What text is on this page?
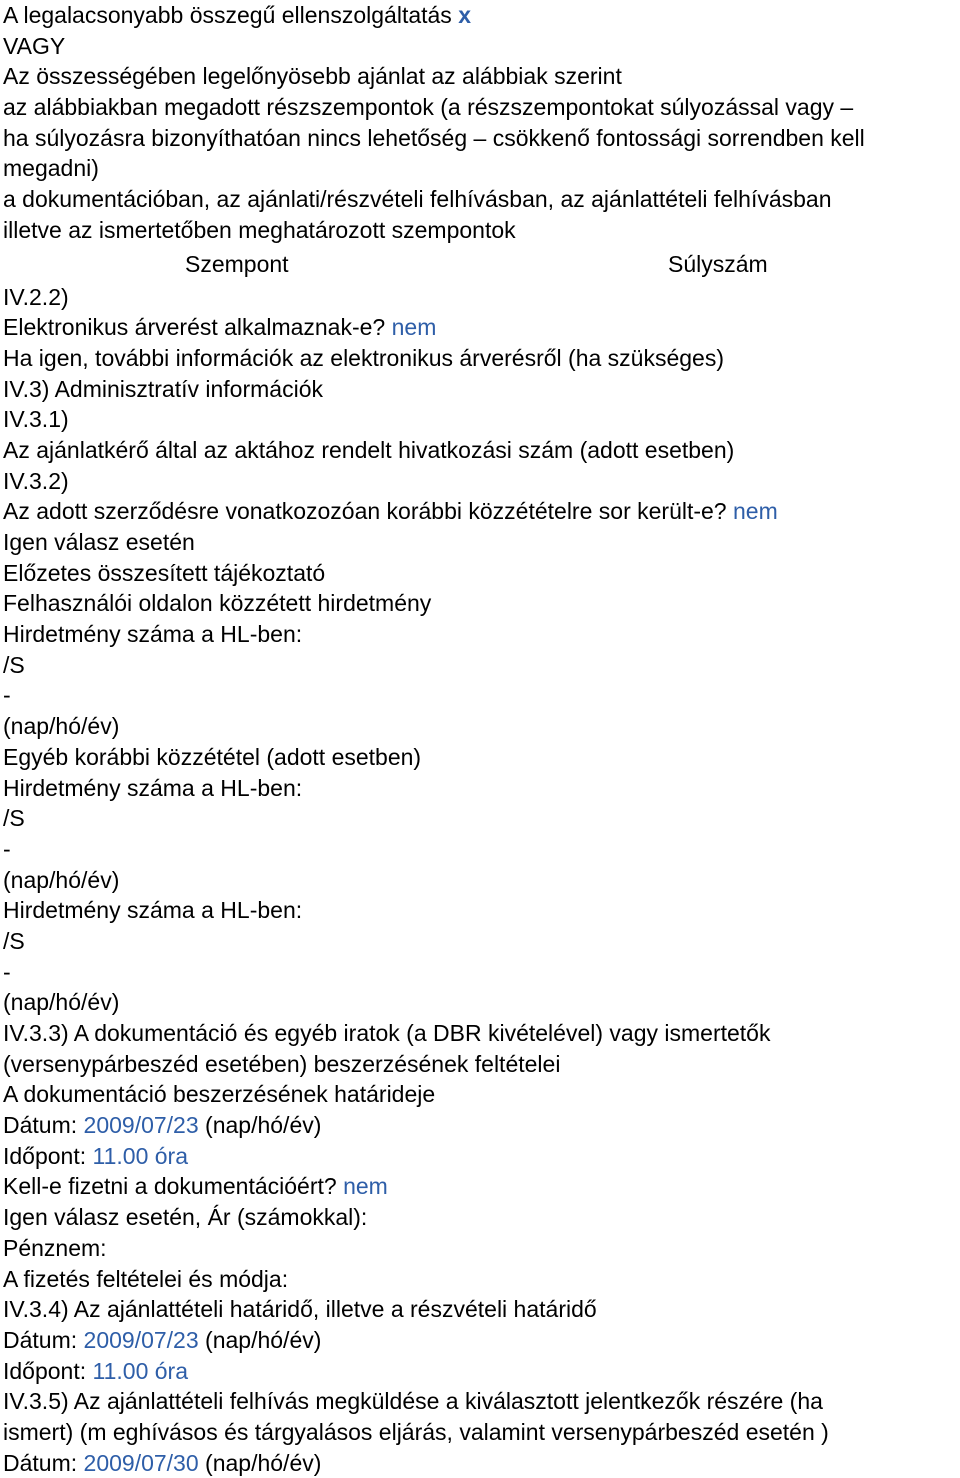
A legalacsonyabb összegű ellenszolgáltatás x
VAGY
Az összességében legelőnyösebb ajánlat az alábbiak szerint
az alábbiakban megadott részszempontok (a részszempontokat súlyozással vagy –
ha súlyozásra bizonyíthatóan nincs lehetőség – csökkenő fontossági sorrendben kell
megadni)
a dokumentációban, az ajánlati/részvételi felhívásban, az ajánlattételi felhívásban
illetve az ismertetőben meghatározott szempontok
Szempont	Súlyszám
IV.2.2)
Elektronikus árverést alkalmaznak-e? nem
Ha igen, további információk az elektronikus árverésről (ha szükséges)
IV.3) Adminisztratív információk
IV.3.1)
Az ajánlatkérő által az aktához rendelt hivatkozási szám (adott esetben)
IV.3.2)
Az adott szerződésre vonatkozozóan korábbi közzétételre sor került-e? nem
Igen válasz esetén
Előzetes összesített tájékoztató
Felhasználói oldalon közzétett hirdetmény
Hirdetmény száma a HL-ben:
/S
-
(nap/hó/év)
Egyéb korábbi közzététel (adott esetben)
Hirdetmény száma a HL-ben:
/S
-
(nap/hó/év)
Hirdetmény száma a HL-ben:
/S
-
(nap/hó/év)
IV.3.3) A dokumentáció és egyéb iratok (a DBR kivételével) vagy ismertetők
(versenypárbeszéd esetében) beszerzésének feltételei
A dokumentáció beszerzésének határideje
Dátum: 2009/07/23 (nap/hó/év)
Időpont: 11.00 óra
Kell-e fizetni a dokumentációért? nem
Igen válasz esetén, Ár (számokkal):
Pénznem:
A fizetés feltételei és módja:
IV.3.4) Az ajánlattételi határidő, illetve a részvételi határidő
Dátum: 2009/07/23 (nap/hó/év)
Időpont: 11.00 óra
IV.3.5) Az ajánlattételi felhívás megküldése a kiválasztott jelentkezők részére (ha
ismert) (m eghívásos és tárgyalásos eljárás, valamint versenypárbeszéd esetén )
Dátum: 2009/07/30 (nap/hó/év)
